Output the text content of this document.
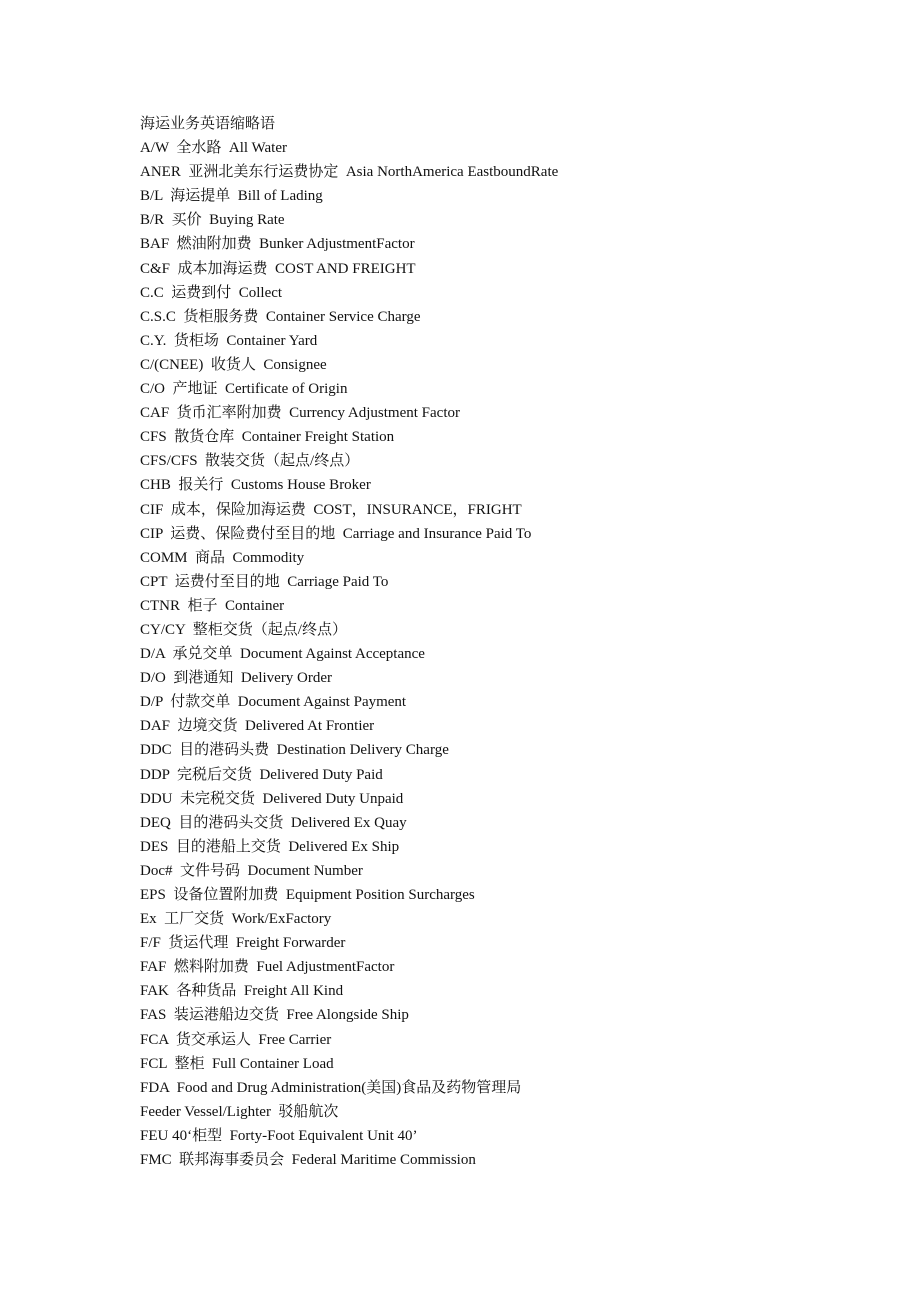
海运业务英语缩略语
A/W  全水路  All Water
ANER  亚洲北美东行运费协定  Asia NorthAmerica EastboundRate
B/L  海运提单  Bill of Lading
B/R  买价  Buying Rate
BAF  燃油附加费  Bunker AdjustmentFactor
C&F  成本加海运费  COST AND FREIGHT
C.C  运费到付  Collect
C.S.C  货柜服务费  Container Service Charge
C.Y.  货柜场  Container Yard
C/(CNEE)  收货人  Consignee
C/O  产地证  Certificate of Origin
CAF  货币汇率附加费  Currency Adjustment Factor
CFS  散货仓库  Container Freight Station
CFS/CFS  散装交货（起点/终点）
CHB  报关行  Customs House Broker
CIF  成本，保险加海运费  COST，INSURANCE，FRIGHT
CIP  运费、保险费付至目的地  Carriage and Insurance Paid To
COMM  商品  Commodity
CPT  运费付至目的地  Carriage Paid To
CTNR  柜子  Container
CY/CY  整柜交货（起点/终点）
D/A  承兑交单  Document Against Acceptance
D/O  到港通知  Delivery Order
D/P  付款交单  Document Against Payment
DAF  边境交货  Delivered At Frontier
DDC  目的港码头费  Destination Delivery Charge
DDP  完税后交货  Delivered Duty Paid
DDU  未完税交货  Delivered Duty Unpaid
DEQ  目的港码头交货  Delivered Ex Quay
DES  目的港船上交货  Delivered Ex Ship
Doc#  文件号码  Document Number
EPS  设备位置附加费  Equipment Position Surcharges
Ex  工厂交货  Work/ExFactory
F/F  货运代理  Freight Forwarder
FAF  燃料附加费  Fuel AdjustmentFactor
FAK  各种货品  Freight All Kind
FAS  装运港船边交货  Free Alongside Ship
FCA  货交承运人  Free Carrier
FCL  整柜  Full Container Load
FDA  Food and Drug Administration(美国)食品及药物管理局
Feeder Vessel/Lighter  驳船航次
FEU 40‘柜型  Forty-Foot Equivalent Unit 40’
FMC  联邦海事委员会  Federal Maritime Commission
